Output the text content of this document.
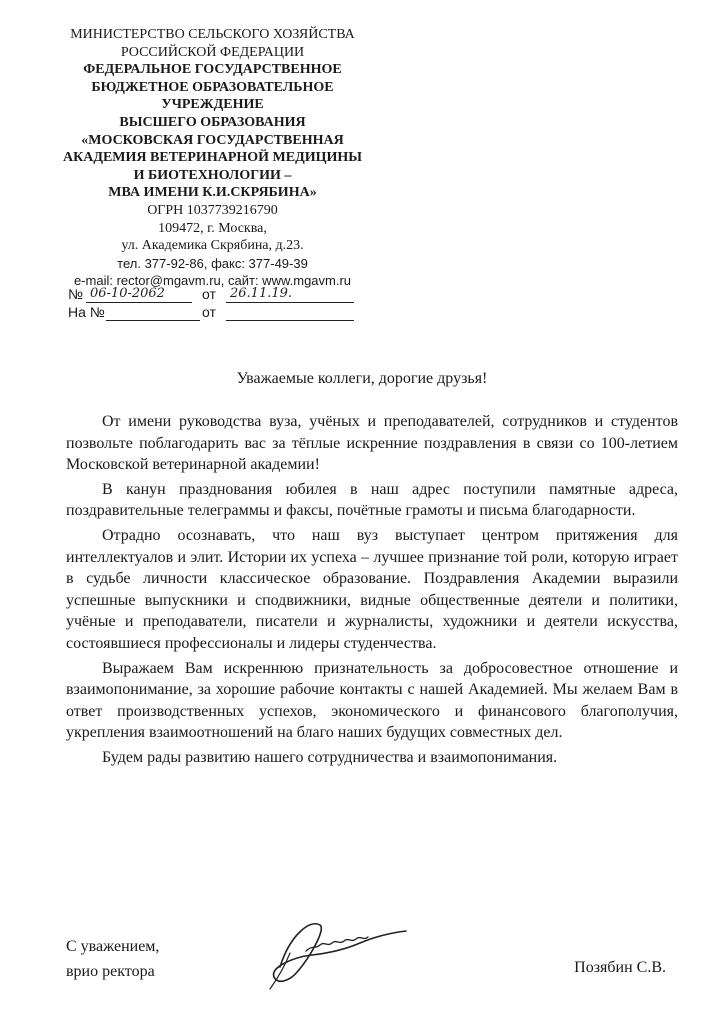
МИНИСТЕРСТВО СЕЛЬСКОГО ХОЗЯЙСТВА
РОССИЙСКОЙ ФЕДЕРАЦИИ
ФЕДЕРАЛЬНОЕ ГОСУДАРСТВЕННОЕ
БЮДЖЕТНОЕ ОБРАЗОВАТЕЛЬНОЕ
УЧРЕЖДЕНИЕ
ВЫСШЕГО ОБРАЗОВАНИЯ
«МОСКОВСКАЯ ГОСУДАРСТВЕННАЯ
АКАДЕМИЯ ВЕТЕРИНАРНОЙ МЕДИЦИНЫ
И БИОТЕХНОЛОГИИ –
МВА ИМЕНИ К.И.СКРЯБИНА»
ОГРН 1037739216790
109472, г. Москва,
ул. Академика Скрябина, д.23.
тел. 377-92-86, факс: 377-49-39
e-mail: rector@mgavm.ru, сайт: www.mgavm.ru
№ 06-10-2062	от	26.11.19.
На №	от
Уважаемые коллеги, дорогие друзья!

От имени руководства вуза, учёных и преподавателей, сотрудников и студентов позвольте поблагодарить вас за тёплые искренние поздравления в связи со 100-летием Московской ветеринарной академии!

В канун празднования юбилея в наш адрес поступили памятные адреса, поздравительные телеграммы и факсы, почётные грамоты и письма благодарности.

Отрадно осознавать, что наш вуз выступает центром притяжения для интеллектуалов и элит. Истории их успеха – лучшее признание той роли, которую играет в судьбе личности классическое образование. Поздравления Академии выразили успешные выпускники и сподвижники, видные общественные деятели и политики, учёные и преподаватели, писатели и журналисты, художники и деятели искусства, состоявшиеся профессионалы и лидеры студенчества.

Выражаем Вам искреннюю признательность за добросовестное отношение и взаимопонимание, за хорошие рабочие контакты с нашей Академией. Мы желаем Вам в ответ производственных успехов, экономического и финансового благополучия, укрепления взаимоотношений на благо наших будущих совместных дел.

Будем рады развитию нашего сотрудничества и взаимопонимания.

С уважением,
врио ректора	Позябин С.В.
